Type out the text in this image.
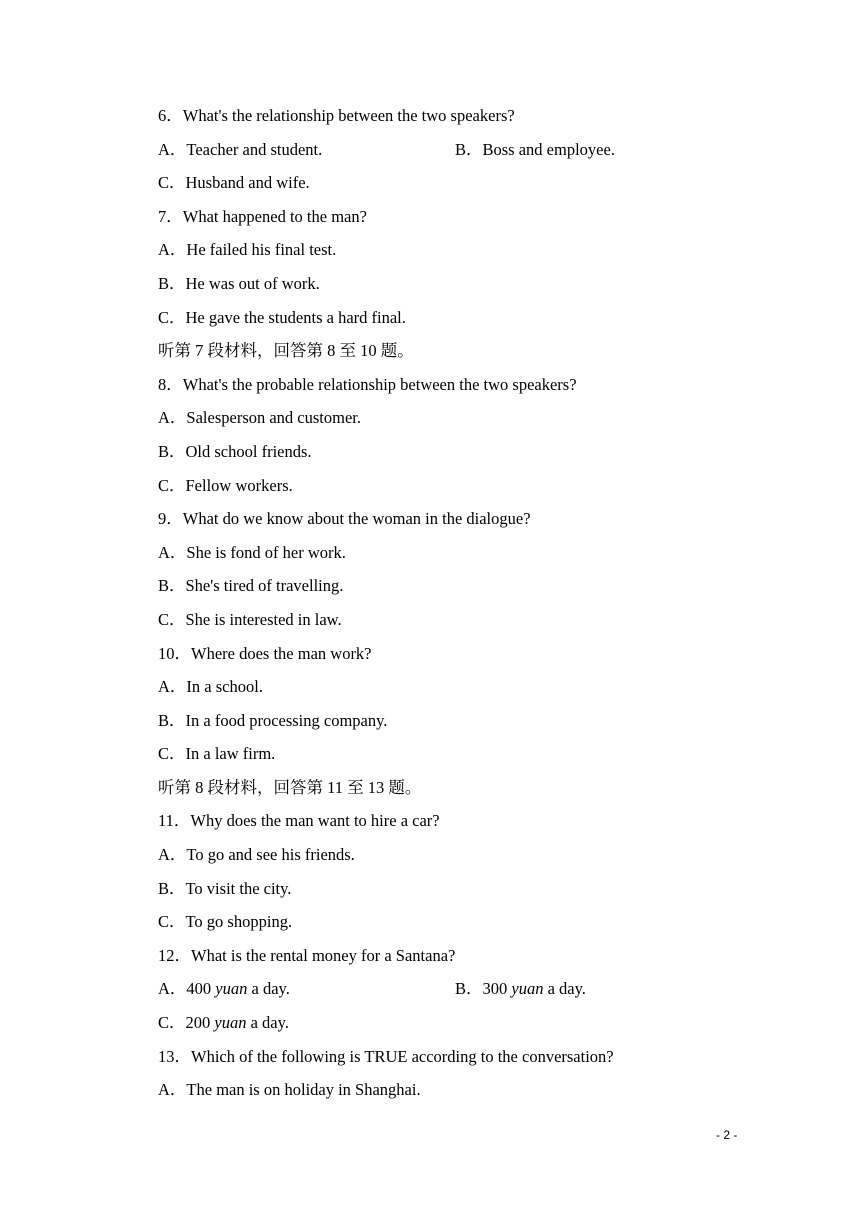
6．What's the relationship between the two speakers?
A．Teacher and student.	B．Boss and employee.
C．Husband and wife.
7．What happened to the man?
A．He failed his final test.
B．He was out of work.
C．He gave the students a hard final.
听第 7 段材料，回答第 8 至 10 题。
8．What's the probable relationship between the two speakers?
A．Salesperson and customer.
B．Old school friends.
C．Fellow workers.
9．What do we know about the woman in the dialogue?
A．She is fond of her work.
B．She's tired of travelling.
C．She is interested in law.
10．Where does the man work?
A．In a school.
B．In a food processing company.
C．In a law firm.
听第 8 段材料，回答第 11 至 13 题。
11．Why does the man want to hire a car?
A．To go and see his friends.
B．To visit the city.
C．To go shopping.
12．What is the rental money for a Santana?
A．400 yuan a day.	B．300 yuan a day.
C．200 yuan a day.
13．Which of the following is TRUE according to the conversation?
A．The man is on holiday in Shanghai.
- 2 -
